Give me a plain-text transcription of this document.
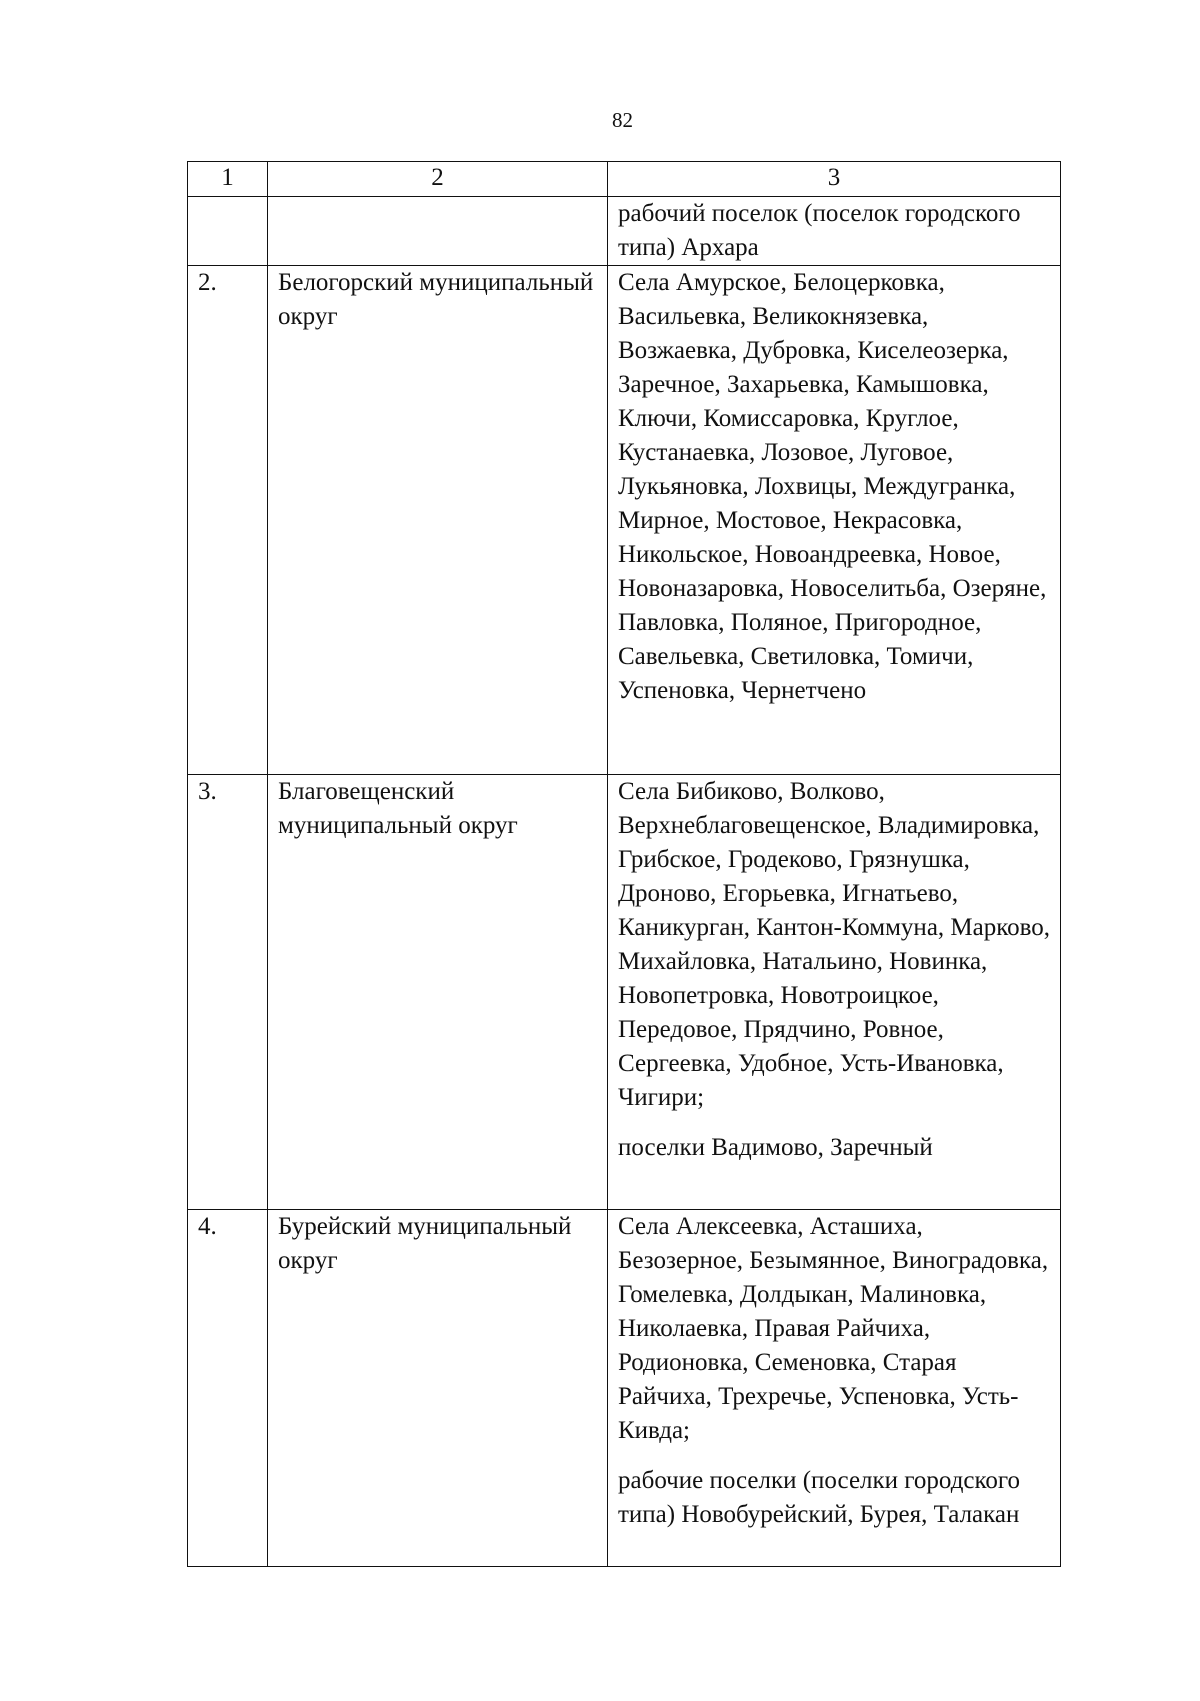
82
1	2	3

		рабочий поселок (поселок городского типа) Архара

2.	Белогорский муниципальный округ	Села Амурское, Белоцерковка, Васильевка, Великокнязевка, Возжаевка, Дубровка, Киселеозерка, Заречное, Захарьевка, Камышовка, Ключи, Комиссаровка, Круглое, Кустанаевка, Лозовое, Луговое, Лукьяновка, Лохвицы, Междугранка, Мирное, Мостовое, Некрасовка, Никольское, Новоандреевка, Новое, Новоназаровка, Новоселитьба, Озеряне, Павловка, Поляное, Пригородное, Савельевка, Светиловка, Томичи, Успеновка, Чернетчено

3.	Благовещенский муниципальный округ	Села Бибиково, Волково, Верхнеблаговещенское, Владимировка, Грибское, Гродеково, Грязнушка, Дроново, Егорьевка, Игнатьево, Каникурган, Кантон-Коммуна, Марково, Михайловка, Натальино, Новинка, Новопетровка, Новотроицкое, Передовое, Прядчино, Ровное, Сергеевка, Удобное, Усть-Ивановка, Чигири;
поселки Вадимово, Заречный

4.	Бурейский муниципальный округ	Села Алексеевка, Асташиха, Безозерное, Безымянное, Виноградовка, Гомелевка, Долдыкан, Малиновка, Николаевка, Правая Райчиха, Родионовка, Семеновка, Старая Райчиха, Трехречье, Успеновка, Усть-Кивда;
рабочие поселки (поселки городского типа) Новобурейский, Бурея, Талакан
